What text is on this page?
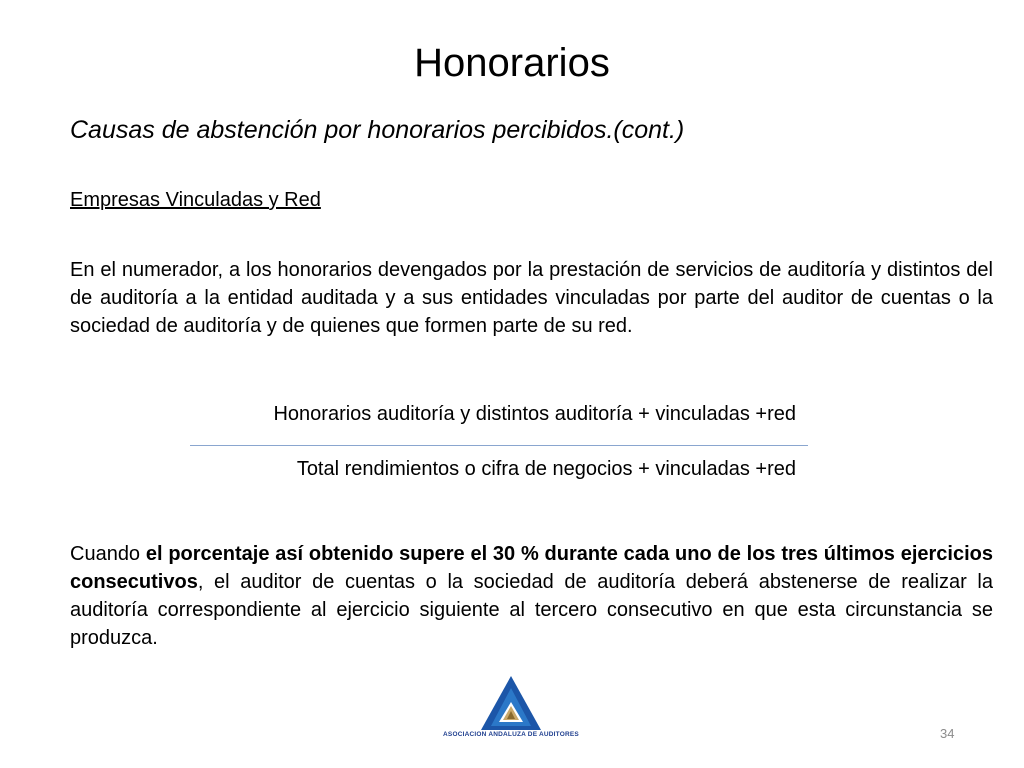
Honorarios
Causas de abstención por honorarios percibidos.(cont.)
Empresas Vinculadas y Red
En el numerador, a los honorarios devengados por la prestación de servicios de auditoría y distintos del de auditoría a la entidad auditada y a sus entidades vinculadas por parte del auditor de cuentas o la sociedad de auditoría y de quienes que formen parte de su red.
Honorarios auditoría y distintos auditoría + vinculadas +red
Total rendimientos o cifra de negocios + vinculadas +red
Cuando el porcentaje así obtenido supere el 30 % durante cada uno de los tres últimos ejercicios consecutivos, el auditor de cuentas o la sociedad de auditoría deberá abstenerse de realizar la auditoría correspondiente al ejercicio siguiente al tercero consecutivo en que esta circunstancia se produzca.
ASOCIACION ANDALUZA DE AUDITORES	34
